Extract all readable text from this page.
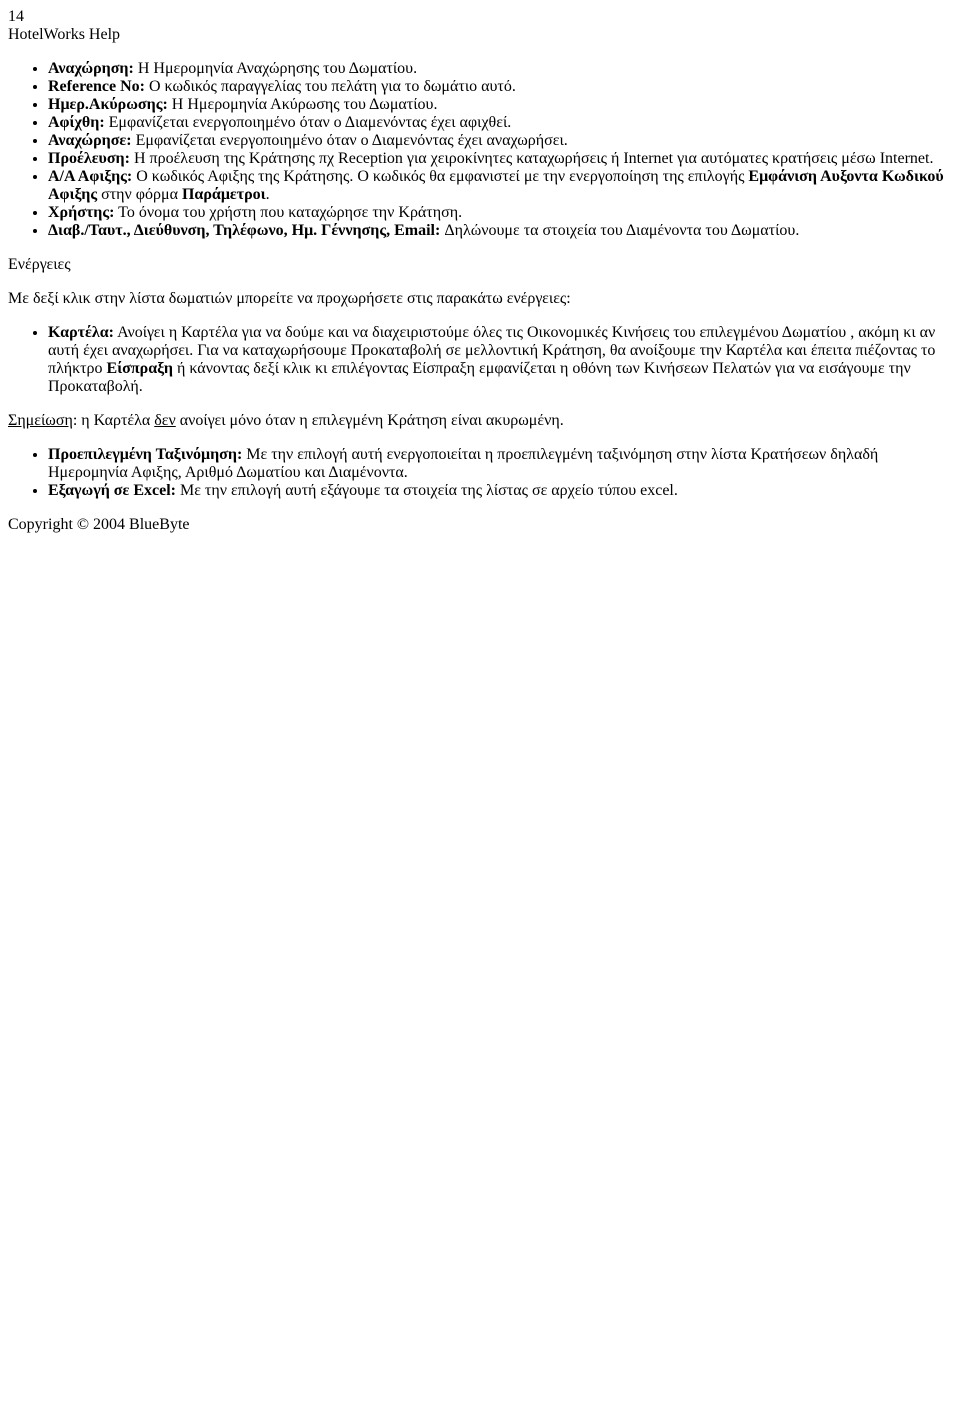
14
HotelWorks Help
• Αναχώρηση: Η Ημερομηνία Αναχώρησης του Δωματίου.
• Reference No: Ο κωδικός παραγγελίας του πελάτη για το δωμάτιο αυτό.
• Ημερ.Ακύρωσης: Η Ημερομηνία Ακύρωσης του Δωματίου.
• Αφίχθη: Εμφανίζεται ενεργοποιημένο όταν ο Διαμενόντας έχει αφιχθεί.
• Αναχώρησε: Εμφανίζεται ενεργοποιημένο όταν ο Διαμενόντας έχει αναχωρήσει.
• Προέλευση: Η προέλευση της Κράτησης πχ Reception για χειροκίνητες καταχωρήσεις ή Internet για αυτόματες κρατήσεις μέσω Internet.
• Α/Α Αφιξης: Ο κωδικός Αφιξης της Κράτησης. Ο κωδικός θα εμφανιστεί με την ενεργοποίηση της επιλογής Εμφάνιση Αυξοντα Κωδικού Αφιξης στην φόρμα Παράμετροι.
• Χρήστης: Το όνομα του χρήστη που καταχώρησε την Κράτηση.
• Διαβ./Ταυτ., Διεύθυνση, Τηλέφωνο, Ημ. Γέννησης, Email: Δηλώνουμε τα στοιχεία του Διαμένοντα του Δωματίου.
Ενέργειες

Με δεξί κλικ στην λίστα δωματιών μπορείτε να προχωρήσετε στις παρακάτω ενέργειες:

• Καρτέλα: Ανοίγει η Καρτέλα για να δούμε και να διαχειριστούμε όλες τις Οικονομικές Κινήσεις του επιλεγμένου Δωματίου , ακόμη κι αν αυτή έχει αναχωρήσει. Για να καταχωρήσουμε Προκαταβολή σε μελλοντική Κράτηση, θα ανοίξουμε την Καρτέλα και έπειτα πιέζοντας το πλήκτρο Είσπραξη ή κάνοντας δεξί κλικ κι επιλέγοντας Είσπραξη εμφανίζεται η οθόνη των Κινήσεων Πελατών για να εισάγουμε την Προκαταβολή.

Σημείωση: η Καρτέλα δεν ανοίγει μόνο όταν η επιλεγμένη Κράτηση είναι ακυρωμένη.

• Προεπιλεγμένη Ταξινόμηση: Με την επιλογή αυτή ενεργοποιείται η προεπιλεγμένη ταξινόμηση στην λίστα Κρατήσεων δηλαδή Ημερομηνία Αφιξης, Αριθμό Δωματίου και Διαμένοντα.
• Εξαγωγή σε Excel: Με την επιλογή αυτή εξάγουμε τα στοιχεία της λίστας σε αρχείο τύπου excel.
Copyright © 2004 BlueByte
